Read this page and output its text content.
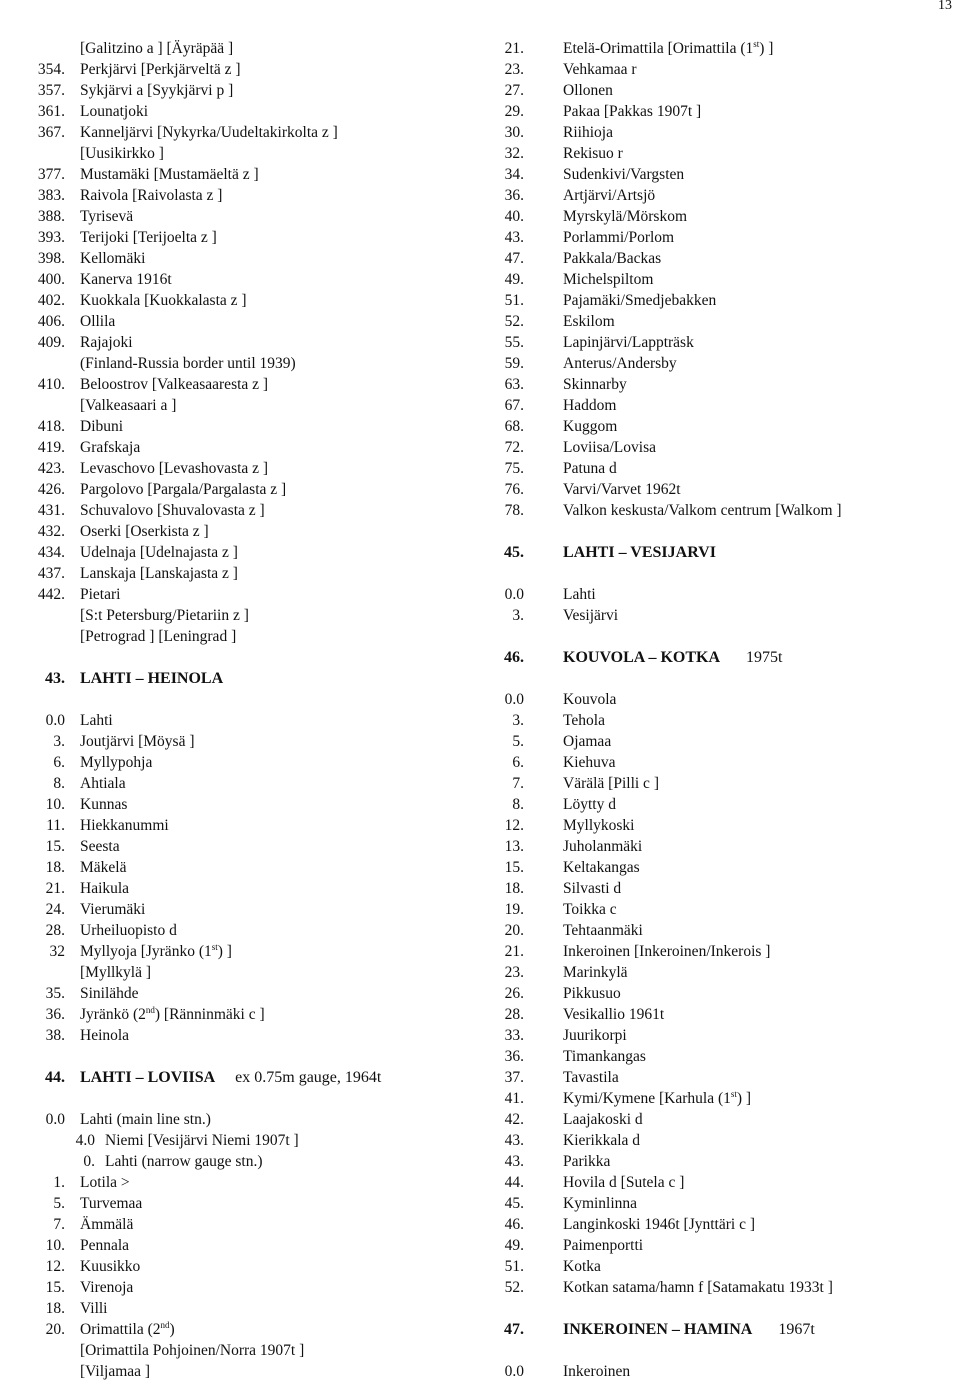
13
[Galitzino a ] [Äyräpää ]
354. Perkjärvi [Perkjärveltä z ]
357. Sykjärvi a [Syykjärvi p ]
361. Lounatjoki
367. Kanneljärvi [Nykyrka/Uudeltakirkolta z ]
[Uusikirkko ]
377. Mustamäki [Mustamäeltä z ]
383. Raivola [Raivolasta z ]
388. Tyrisevä
393. Terijoki [Terijoelta z ]
398. Kellomäki
400. Kanerva 1916t
402. Kuokkala [Kuokkalasta z ]
406. Ollila
409. Rajajoki
(Finland-Russia border until 1939)
410. Beloostrov [Valkeasaaresta z ]
[Valkeasaari a ]
418. Dibuni
419. Grafskaja
423. Levaschovo [Levashovasta z ]
426. Pargolovo [Pargala/Pargalasta z ]
431. Schuvalovo [Shuvalovasta z ]
432. Oserki [Oserkista z ]
434. Udelnaja [Udelnajasta z ]
437. Lanskaja [Lanskajasta z ]
442. Pietari
[S:t Petersburg/Pietariin z ]
[Petrograd ] [Leningrad ]
43. LAHTI – HEINOLA
0.0 Lahti
3. Joutjärvi [Möysä ]
6. Myllypohja
8. Ahtiala
10. Kunnas
11. Hiekkanummi
15. Seesta
18. Mäkelä
21. Haikula
24. Vierumäki
28. Urheiluopisto d
32 Myllyoja [Jyränko (1st) ]
[Myllkylä ]
35. Sinilähde
36. Jyränkö (2nd) [Ränninmäki c ]
38. Heinola
44. LAHTI – LOVIISA ex 0.75m gauge, 1964t
0.0 Lahti (main line stn.)
4.0 Niemi [Vesijärvi Niemi 1907t ]
0. Lahti (narrow gauge stn.)
1. Lotila >
5. Turvemaa
7. Ämmälä
10. Pennala
12. Kuusikko
15. Virenoja
18. Villi
20. Orimattila (2nd)
[Orimattila Pohjoinen/Norra 1907t ]
[Viljamaa ]
21.	Etelä-Orimattila [Orimattila (1st) ]
23.	Vehkamaa r
27.	Ollonen
29.	Pakaa [Pakkas 1907t ]
30.	Riihioja
32.	Rekisuo r
34.	Sudenkivi/Vargsten
36.	Artjärvi/Artsjö
40.	Myrskylä/Mörskom
43.	Porlammi/Porlom
47.	Pakkala/Backas
49.	Michelspiltom
51.	Pajamäki/Smedjebakken
52.	Eskilom
55.	Lapinjärvi/Lappträsk
59.	Anterus/Andersby
63.	Skinnarby
67.	Haddom
68.	Kuggom
72.	Loviisa/Lovisa
75.	Patuna d
76.	Varvi/Varvet 1962t
78.	Valkon keskusta/Valkom centrum [Walkom ]
45. LAHTI – VESIJARVI
0.0	Lahti
3.	Vesijärvi
46. KOUVOLA – KOTKA 1975t
0.0	Kouvola
3.	Tehola
5.	Ojamaa
6.	Kiehuva
7.	Värälä [Pilli c ]
8.	Löytty d
12.	Myllykoski
13.	Juholanmäki
15.	Keltakangas
18.	Silvasti d
19.	Toikka c
20.	Tehtaanmäki
21.	Inkeroinen [Inkeroinen/Inkerois ]
23.	Marinkylä
26.	Pikkusuo
28.	Vesikallio 1961t
33.	Juurikorpi
36.	Timankangas
37.	Tavastila
41.	Kymi/Kymene [Karhula (1st) ]
42.	Laajakoski d
43.	Kierikkala d
43.	Parikka
44.	Hovila d [Sutela c ]
45.	Kyminlinna
46.	Langinkoski 1946t [Jynttäri c ]
49.	Paimenportti
51.	Kotka
52.	Kotkan satama/hamn f [Satamakatu 1933t ]
47. INKEROINEN – HAMINA 1967t
0.0	Inkeroinen
